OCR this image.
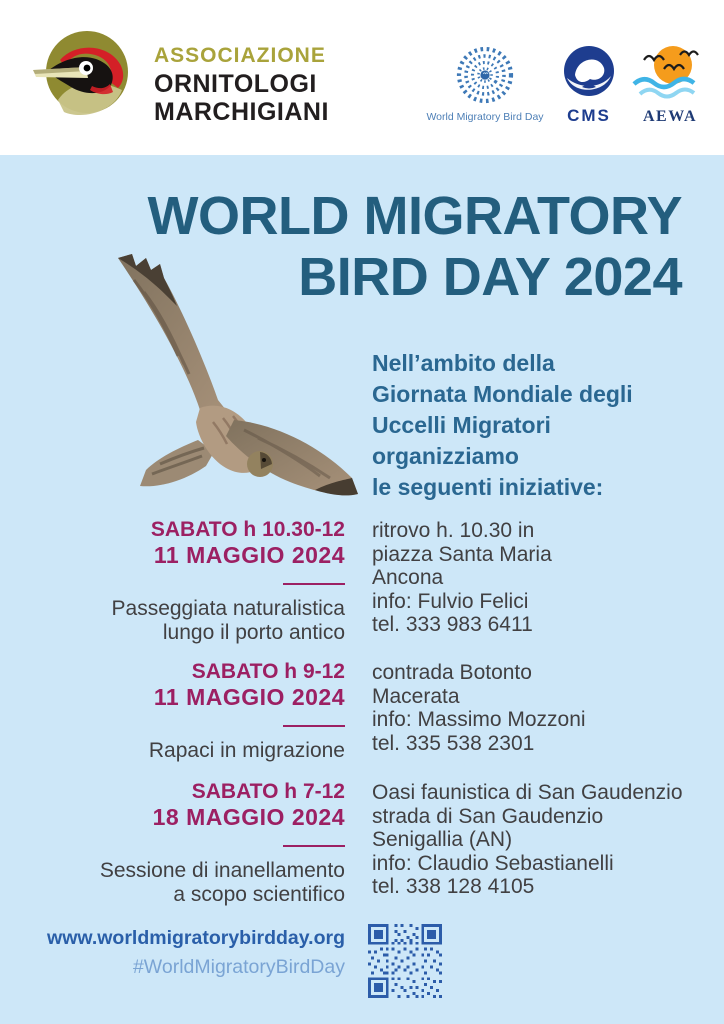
ASSOCIAZIONE
ORNITOLOGI
MARCHIGIANI	World Migratory Bird Day	CMS	AEWA
WORLD MIGRATORY
BIRD DAY 2024
Nell’ambito della
Giornata Mondiale degli
Uccelli Migratori organizziamo
le seguenti iniziative:
SABATO h 10.30-12
11 MAGGIO 2024
Passeggiata naturalistica
lungo il porto antico
ritrovo h. 10.30 in
piazza Santa Maria
Ancona
info: Fulvio Felici
tel. 333 983 6411
SABATO h 9-12
11 MAGGIO 2024
Rapaci in migrazione
contrada Botonto
Macerata
info: Massimo Mozzoni
tel. 335 538 2301
SABATO h 7-12
18 MAGGIO 2024
Sessione di inanellamento
a scopo scientifico
Oasi faunistica di San Gaudenzio
strada di San Gaudenzio
Senigallia (AN)
info: Claudio Sebastianelli
tel. 338 128 4105
www.worldmigratorybirdday.org
#WorldMigratoryBirdDay
